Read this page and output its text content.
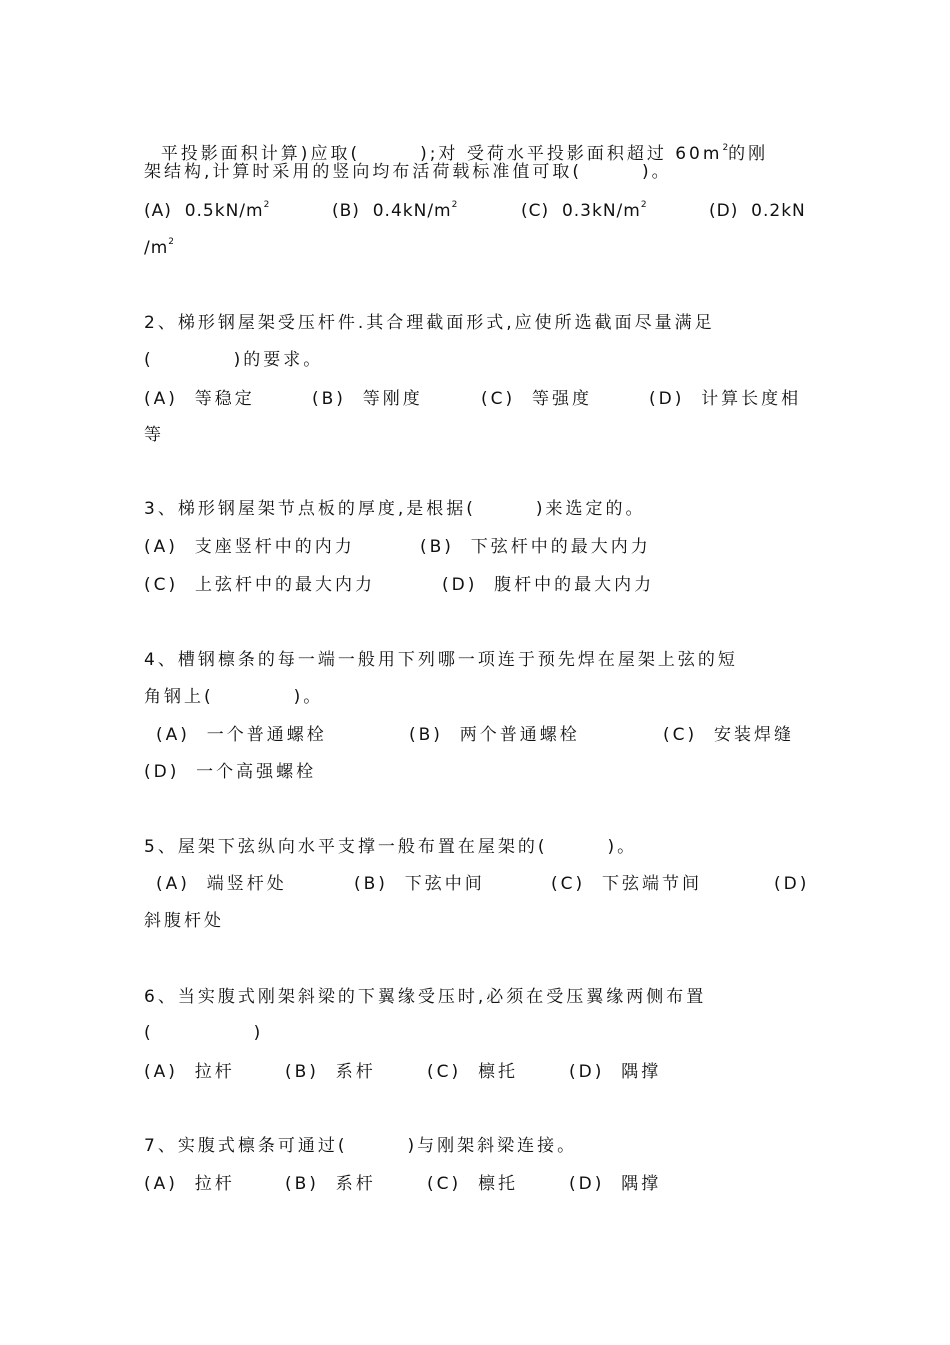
平投影面积计算)应取(　　　);对 受荷水平投影面积超过 $60m^2$的刚

架结构,计算时采用的竖向均布活荷载标准值可取(　　　)。
(A)  $0.5kN/m^2$	(B)  $0.4kN/m^2$	(C)  $0.3kN/m^2$	(D)  0.2kN
$/m^2$
2、梯形钢屋架受压杆件.其合理截面形式,应使所选截面尽量满足
(　　　　)的要求。
(A)  等稳定	(B)  等刚度	(C)  等强度	(D)  计算长度相
等
3、梯形钢屋架节点板的厚度,是根据(　　　)来选定的。
(A)  支座竖杆中的内力	(B)  下弦杆中的最大内力
(C)  上弦杆中的最大内力	(D)  腹杆中的最大内力
4、槽钢檩条的每一端一般用下列哪一项连于预先焊在屋架上弦的短
角钢上(　　　　)。
(A)  一个普通螺栓	(B)  两个普通螺栓	(C)  安装焊缝
(D)  一个高强螺栓
5、屋架下弦纵向水平支撑一般布置在屋架的(　　　)。
(A)  端竖杆处	(B)  下弦中间	(C)  下弦端节间	(D)
斜腹杆处
6、当实腹式刚架斜梁的下翼缘受压时,必须在受压翼缘两侧布置
(　　　　　)
(A)  拉杆	(B)  系杆	(C)  檩托	(D)  隅撑
7、实腹式檩条可通过(　　　)与刚架斜梁连接。
(A)  拉杆	(B)  系杆	(C)  檩托	(D)  隅撑
